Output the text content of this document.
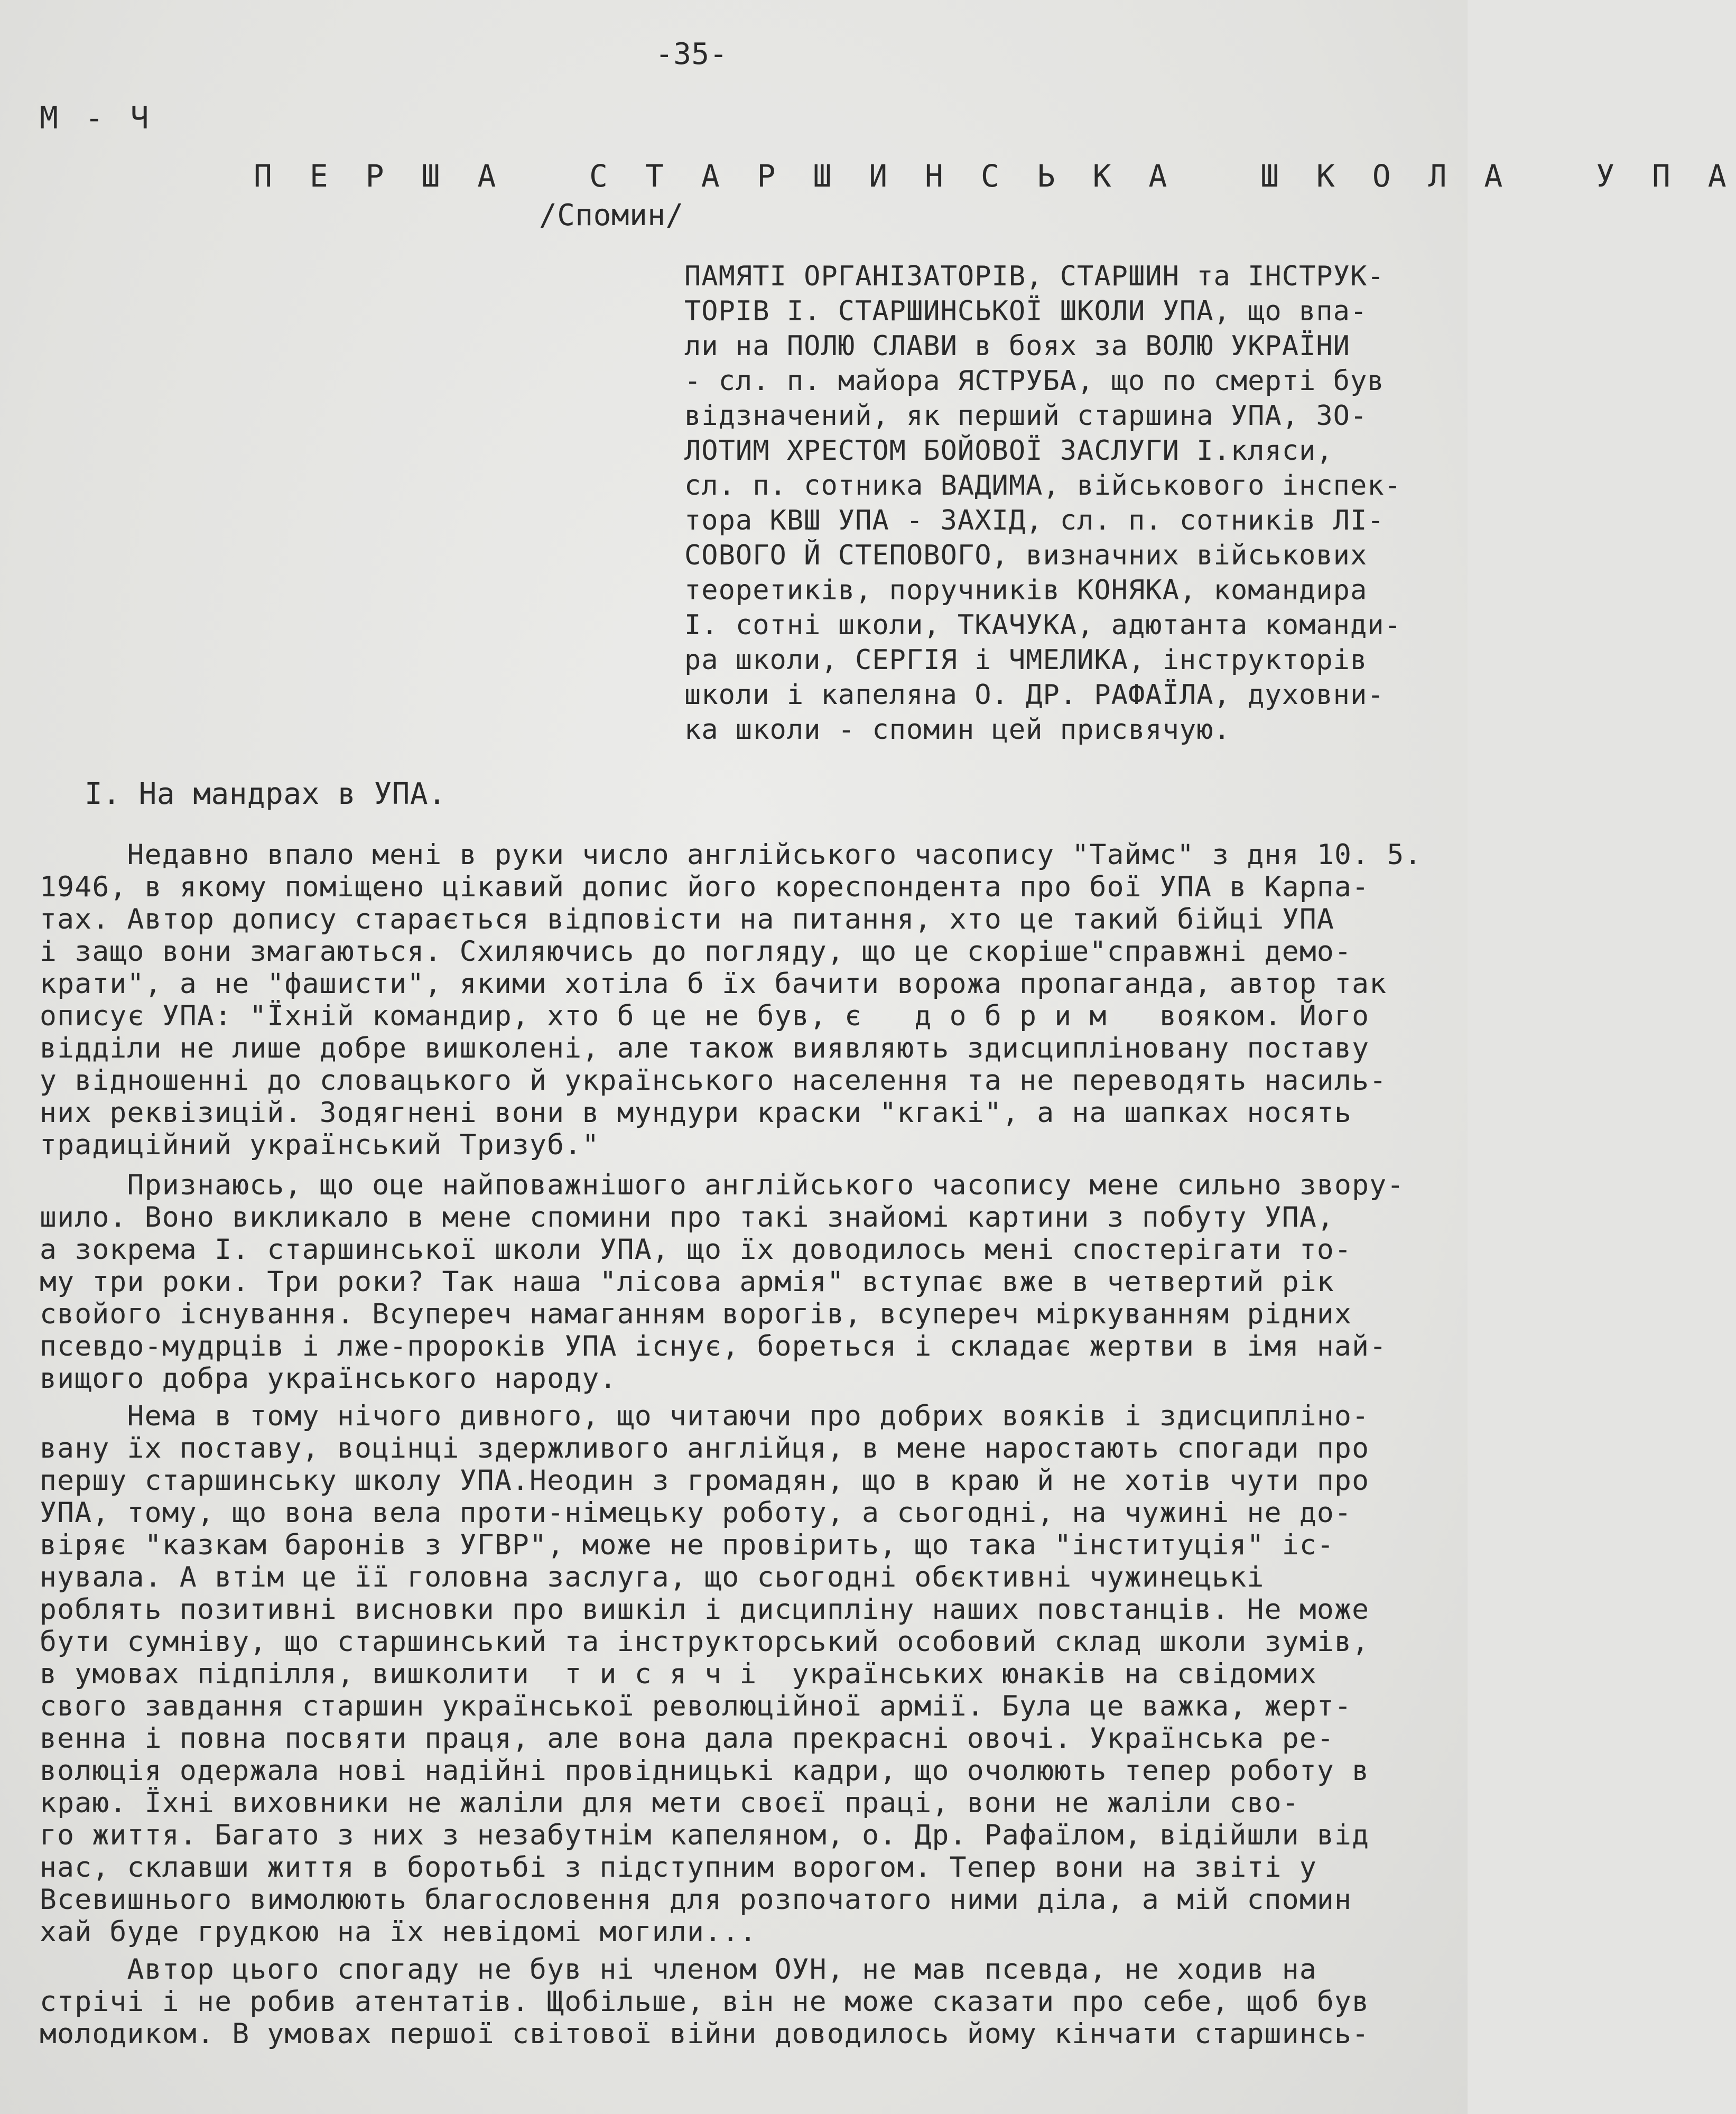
-35-
М - Ч
П Е Р Ш А   С Т А Р Ш И Н С Ь К А   Ш К О Л А   У П А
/Спомин/
ПАМЯТІ ОРГАНІЗАТОРІВ, СТАРШИН та ІНСТРУК-
ТОРІВ І. СТАРШИНСЬКОЇ ШКОЛИ УПА, що впа-
ли на ПОЛЮ СЛАВИ в боях за ВОЛЮ УКРАЇНИ
- сл. п. майора ЯСТРУБА, що по смерті був
відзначений, як перший старшина УПА, ЗО-
ЛОТИМ ХРЕСТОМ БОЙОВОЇ ЗАСЛУГИ І.кляси,
сл. п. сотника ВАДИМА, військового інспек-
тора КВШ УПА - ЗАХІД, сл. п. сотників ЛІ-
СОВОГО Й СТЕПОВОГО, визначних військових
теоретиків, поручників КОНЯКА, командира
І. сотні школи, ТКАЧУКА, адютанта команди-
ра школи, СЕРГІЯ і ЧМЕЛИКА, інструкторів
школи і капеляна О. ДР. РАФАЇЛА, духовни-
ка школи - спомин цей присвячую.
І. На мандрах в УПА.
Недавно впало мені в руки число англійського часопису "Таймс" з дня 10. 5.
1946, в якому поміщено цікавий допис його кореспондента про бої УПА в Карпа-
тах. Автор допису старається відповісти на питання, хто це такий бійці УПА
і защо вони змагаються. Схиляючись до погляду, що це скоріше"справжні демо-
крати", а не "фашисти", якими хотіла б їх бачити ворожа пропаганда, автор так
описує УПА: "Їхній командир, хто б це не був, є   д о б р и м   вояком. Його
відділи не лише добре вишколені, але також виявляють здисципліновану поставу
у відношенні до словацького й українського населення та не переводять насиль-
них реквізицій. Зодягнені вони в мундури краски "кгакі", а на шапках носять
традиційний український Тризуб."
Признаюсь, що оце найповажнішого англійського часопису мене сильно звору-
шило. Воно викликало в мене спомини про такі знайомі картини з побуту УПА,
а зокрема І. старшинської школи УПА, що їх доводилось мені спостерігати то-
му три роки. Три роки? Так наша "лісова армія" вступає вже в четвертий рік
свойого існування. Всупереч намаганням ворогів, всупереч міркуванням рідних
псевдо-мудрців і лже-пророків УПА існує, бореться і складає жертви в імя най-
вищого добра українського народу.
Нема в тому нічого дивного, що читаючи про добрих вояків і здисципліно-
вану їх поставу, воцінці здержливого англійця, в мене наростають спогади про
першу старшинську школу УПА.Неодин з громадян, що в краю й не хотів чути про
УПА, тому, що вона вела проти-німецьку роботу, а сьогодні, на чужині не до-
віряє "казкам баронів з УГВР", може не провірить, що така "інституція" іс-
нувала. А втім це її головна заслуга, що сьогодні обєктивні чужинецькі
роблять позитивні висновки про вишкіл і дисципліну наших повстанців. Не може
бути сумніву, що старшинський та інструкторський особовий склад школи зумів,
в умовах підпілля, вишколити  т и с я ч і  українських юнаків на свідомих
свого завдання старшин української революційної армії. Була це важка, жерт-
венна і повна посвяти праця, але вона дала прекрасні овочі. Українська ре-
волюція одержала нові надійні провідницькі кадри, що очолюють тепер роботу в
краю. Їхні виховники не жаліли для мети своєї праці, вони не жаліли сво-
го життя. Багато з них з незабутнім капеляном, о. Др. Рафаїлом, відійшли від
нас, склавши життя в боротьбі з підступним ворогом. Тепер вони на звіті у
Всевишнього вимолюють благословення для розпочатого ними діла, а мій спомин
хай буде грудкою на їх невідомі могили...
Автор цього спогаду не був ні членом ОУН, не мав псевда, не ходив на
стрічі і не робив атентатів. Щобільше, він не може сказати про себе, щоб був
молодиком. В умовах першої світової війни доводилось йому кінчати старшинсь-
